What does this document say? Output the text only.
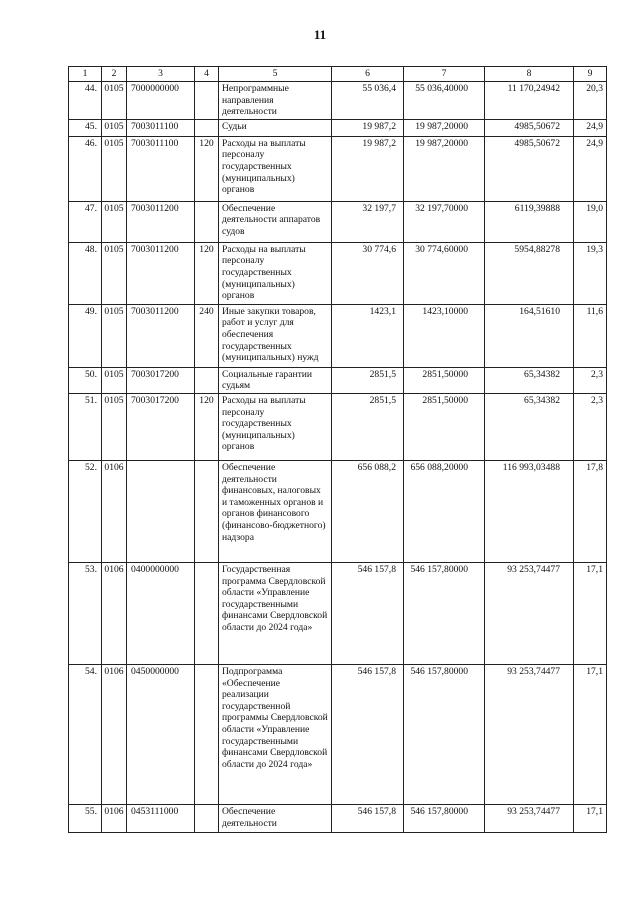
11
1	2	3	4	5	6	7	8	9
44.	0105	7000000000		Непрограммные направления деятельности	55 036,4	55 036,40000	11 170,24942	20,3
45.	0105	7003011100		Судьи	19 987,2	19 987,20000	4985,50672	24,9
46.	0105	7003011100	120	Расходы на выплаты персоналу государственных (муниципальных) органов	19 987,2	19 987,20000	4985,50672	24,9
47.	0105	7003011200		Обеспечение деятельности аппаратов судов	32 197,7	32 197,70000	6119,39888	19,0
48.	0105	7003011200	120	Расходы на выплаты персоналу государственных (муниципальных) органов	30 774,6	30 774,60000	5954,88278	19,3
49.	0105	7003011200	240	Иные закупки товаров, работ и услуг для обеспечения государственных (муниципальных) нужд	1423,1	1423,10000	164,51610	11,6
50.	0105	7003017200		Социальные гарантии судьям	2851,5	2851,50000	65,34382	2,3
51.	0105	7003017200	120	Расходы на выплаты персоналу государственных (муниципальных) органов	2851,5	2851,50000	65,34382	2,3
52.	0106			Обеспечение деятельности финансовых, налоговых и таможенных органов и органов финансового (финансово-бюджетного) надзора	656 088,2	656 088,20000	116 993,03488	17,8
53.	0106	0400000000		Государственная программа Свердловской области «Управление государственными финансами Свердловской области до 2024 года»	546 157,8	546 157,80000	93 253,74477	17,1
54.	0106	0450000000		Подпрограмма «Обеспечение реализации государственной программы Свердловской области «Управление государственными финансами Свердловской области до 2024 года»	546 157,8	546 157,80000	93 253,74477	17,1
55.	0106	0453111000		Обеспечение деятельности	546 157,8	546 157,80000	93 253,74477	17,1
